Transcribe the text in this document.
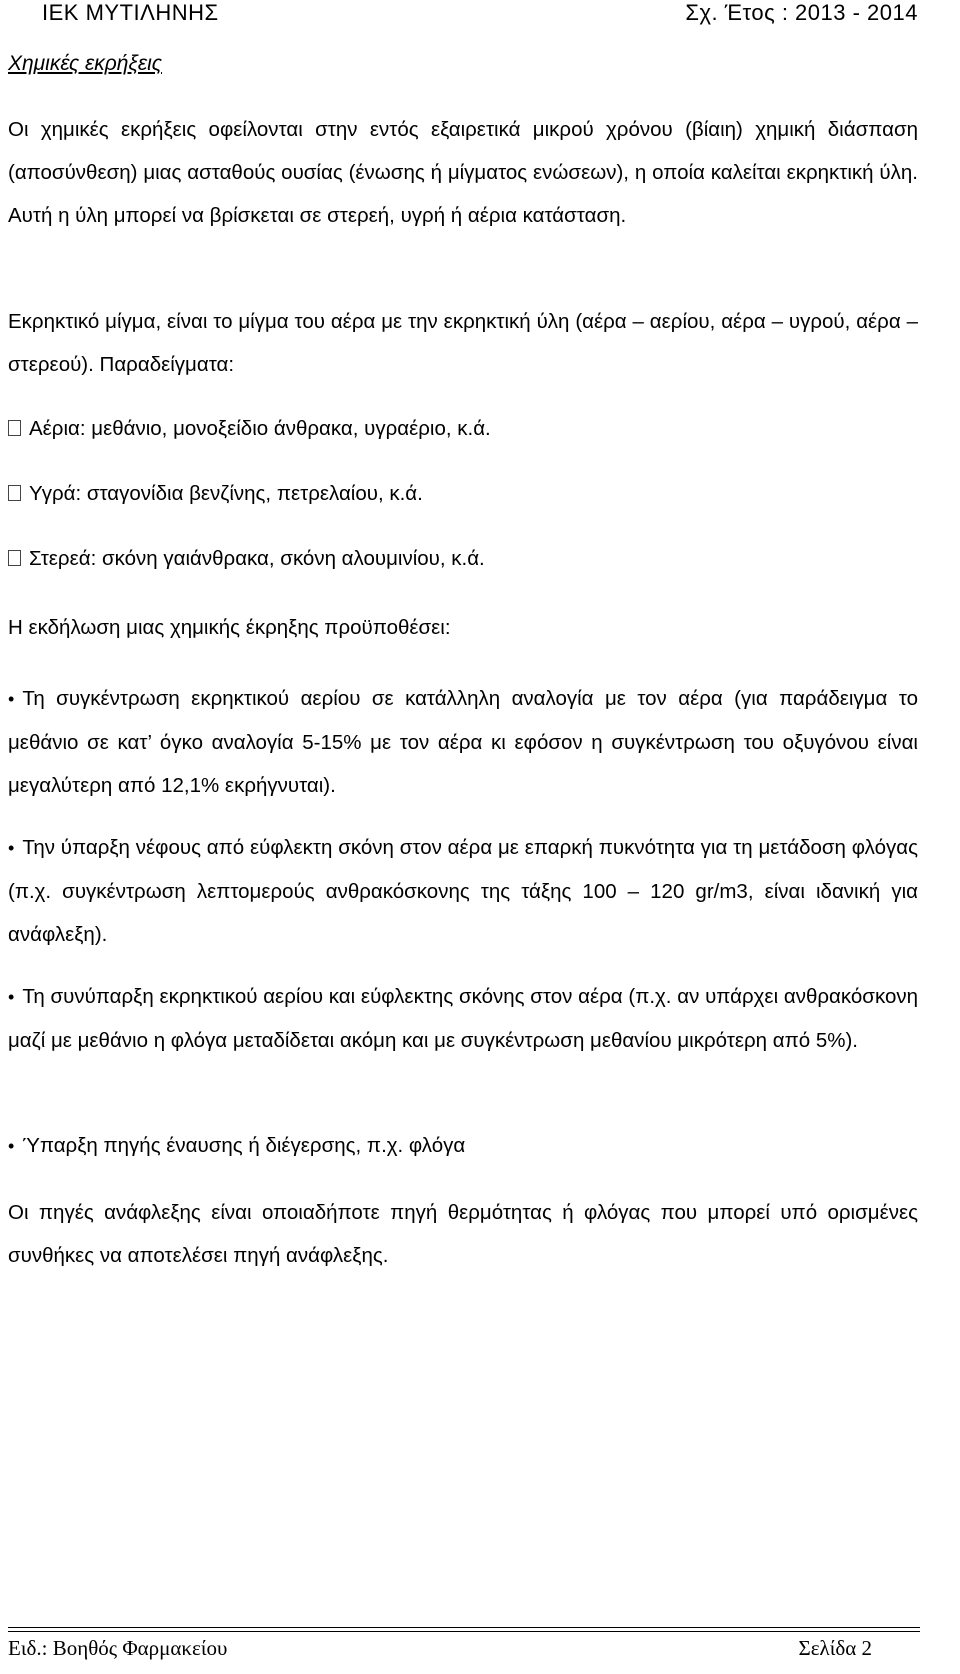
ΙΕΚ ΜΥΤΙΛΗΝΗΣ	Σχ. Έτος : 2013 - 2014
Χημικές εκρήξεις
Οι χημικές εκρήξεις οφείλονται στην εντός εξαιρετικά μικρού χρόνου (βίαιη) χημική διάσπαση (αποσύνθεση) μιας ασταθούς ουσίας (ένωσης ή μίγματος ενώσεων), η οποία καλείται εκρηκτική ύλη. Αυτή η ύλη μπορεί να βρίσκεται σε στερεή, υγρή ή αέρια κατάσταση.
Εκρηκτικό μίγμα, είναι το μίγμα του αέρα με την εκρηκτική ύλη (αέρα – αερίου, αέρα – υγρού, αέρα – στερεού). Παραδείγματα:
Αέρια: μεθάνιο, μονοξείδιο άνθρακα, υγραέριο, κ.ά.
Υγρά: σταγονίδια βενζίνης, πετρελαίου, κ.ά.
Στερεά: σκόνη γαιάνθρακα, σκόνη αλουμινίου, κ.ά.
Η εκδήλωση μιας χημικής έκρηξης προϋποθέσει:
• Τη συγκέντρωση εκρηκτικού αερίου σε κατάλληλη αναλογία με τον αέρα (για παράδειγμα το μεθάνιο σε κατ’ όγκο αναλογία 5-15% με τον αέρα κι εφόσον η συγκέντρωση του οξυγόνου είναι μεγαλύτερη από 12,1% εκρήγνυται).
• Την ύπαρξη νέφους από εύφλεκτη σκόνη στον αέρα με επαρκή πυκνότητα για τη μετάδοση φλόγας (π.χ. συγκέντρωση λεπτομερούς ανθρακόσκονης της τάξης 100 – 120 gr/m3, είναι ιδανική για ανάφλεξη).
• Τη συνύπαρξη εκρηκτικού αερίου και εύφλεκτης σκόνης στον αέρα (π.χ. αν υπάρχει ανθρακόσκονη μαζί με μεθάνιο η φλόγα μεταδίδεται ακόμη και με συγκέντρωση μεθανίου μικρότερη από 5%).
• Ύπαρξη πηγής έναυσης ή διέγερσης, π.χ. φλόγα
Οι πηγές ανάφλεξης είναι οποιαδήποτε πηγή θερμότητας ή φλόγας που μπορεί υπό ορισμένες συνθήκες να αποτελέσει πηγή ανάφλεξης.
Ειδ.: Βοηθός Φαρμακείου	Σελίδα 2
